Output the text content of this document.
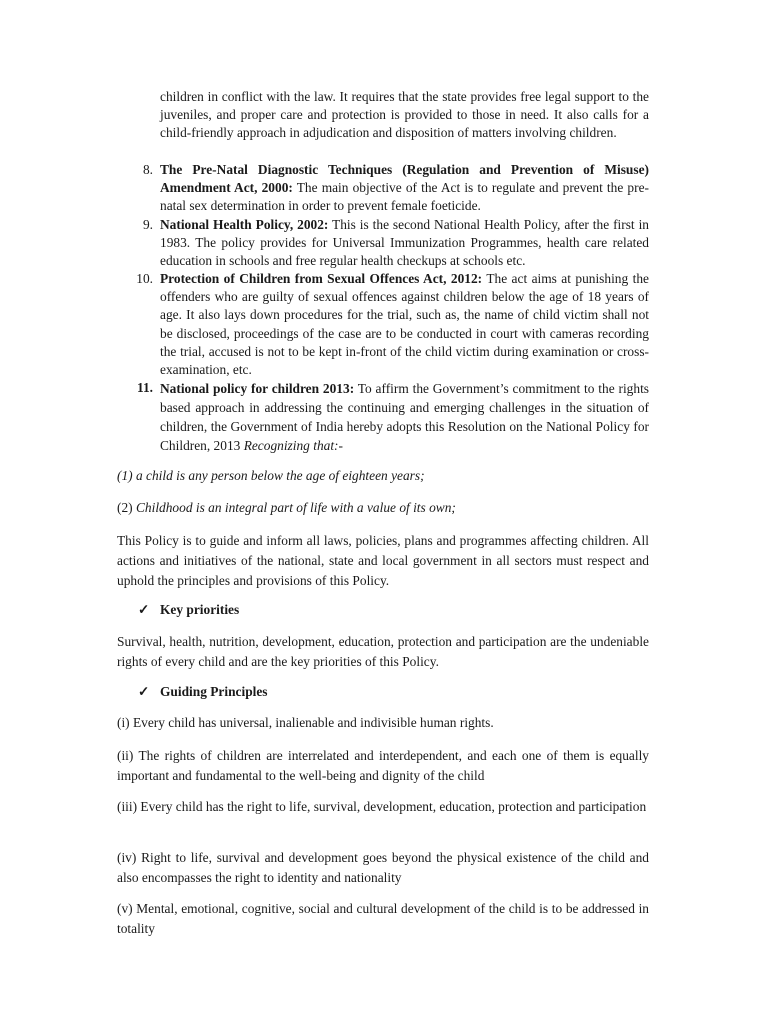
children in conflict with the law. It requires that the state provides free legal support to the juveniles, and proper care and protection is provided to those in need. It also calls for a child-friendly approach in adjudication and disposition of matters involving children.

8. The Pre-Natal Diagnostic Techniques (Regulation and Prevention of Misuse) Amendment Act, 2000: The main objective of the Act is to regulate and prevent the pre-natal sex determination in order to prevent female foeticide.
9. National Health Policy, 2002: This is the second National Health Policy, after the first in 1983. The policy provides for Universal Immunization Programmes, health care related education in schools and free regular health checkups at schools etc.
10. Protection of Children from Sexual Offences Act, 2012: The act aims at punishing the offenders who are guilty of sexual offences against children below the age of 18 years of age. It also lays down procedures for the trial, such as, the name of child victim shall not be disclosed, proceedings of the case are to be conducted in court with cameras recording the trial, accused is not to be kept in-front of the child victim during examination or cross-examination, etc.
11. National policy for children 2013: To affirm the Government’s commitment to the rights based approach in addressing the continuing and emerging challenges in the situation of children, the Government of India hereby adopts this Resolution on the National Policy for Children, 2013 Recognizing that:-

(1) a child is any person below the age of eighteen years;

(2) Childhood is an integral part of life with a value of its own;

This Policy is to guide and inform all laws, policies, plans and programmes affecting children. All actions and initiatives of the national, state and local government in all sectors must respect and uphold the principles and provisions of this Policy.

✓ Key priorities

Survival, health, nutrition, development, education, protection and participation are the undeniable rights of every child and are the key priorities of this Policy.

✓ Guiding Principles

(i) Every child has universal, inalienable and indivisible human rights.

(ii) The rights of children are interrelated and interdependent, and each one of them is equally important and fundamental to the well-being and dignity of the child

(iii) Every child has the right to life, survival, development, education, protection and participation

(iv) Right to life, survival and development goes beyond the physical existence of the child and also encompasses the right to identity and nationality

(v) Mental, emotional, cognitive, social and cultural development of the child is to be addressed in totality
